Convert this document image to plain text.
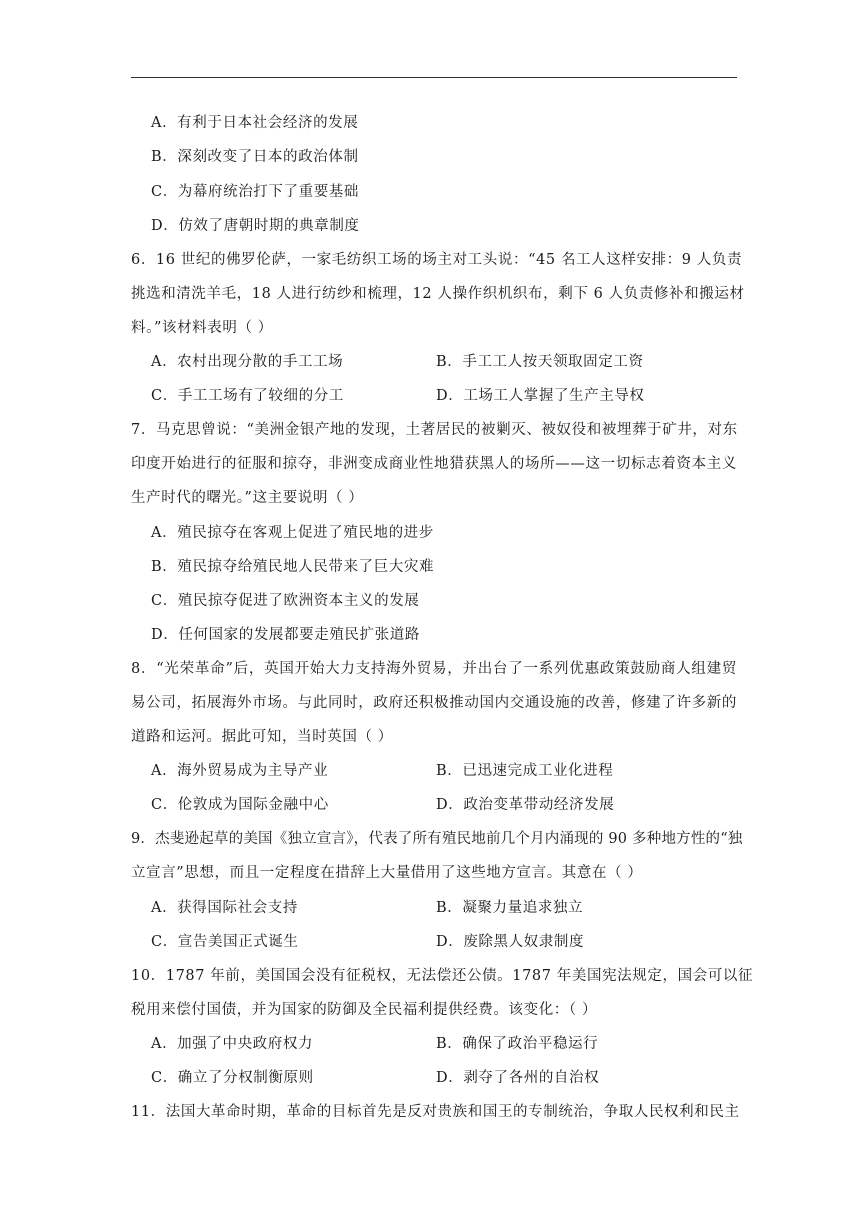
A．有利于日本社会经济的发展
B．深刻改变了日本的政治体制
C．为幕府统治打下了重要基础
D．仿效了唐朝时期的典章制度
6．16 世纪的佛罗伦萨，一家毛纺织工场的场主对工头说：“45 名工人这样安排：9 人负责
挑选和清洗羊毛，18 人进行纺纱和梳理，12 人操作织机织布，剩下 6 人负责修补和搬运材
料。”该材料表明（ ）
A．农村出现分散的手工工场	B．手工工人按天领取固定工资
C．手工工场有了较细的分工	D．工场工人掌握了生产主导权
7．马克思曾说：“美洲金银产地的发现，土著居民的被剿灭、被奴役和被埋葬于矿井，对东
印度开始进行的征服和掠夺，非洲变成商业性地猎获黑人的场所——这一切标志着资本主义
生产时代的曙光。”这主要说明（ ）
A．殖民掠夺在客观上促进了殖民地的进步
B．殖民掠夺给殖民地人民带来了巨大灾难
C．殖民掠夺促进了欧洲资本主义的发展
D．任何国家的发展都要走殖民扩张道路
8．“光荣革命”后，英国开始大力支持海外贸易，并出台了一系列优惠政策鼓励商人组建贸
易公司，拓展海外市场。与此同时，政府还积极推动国内交通设施的改善，修建了许多新的
道路和运河。据此可知，当时英国（ ）
A．海外贸易成为主导产业	B．已迅速完成工业化进程
C．伦敦成为国际金融中心	D．政治变革带动经济发展
9．杰斐逊起草的美国《独立宣言》，代表了所有殖民地前几个月内涌现的 90 多种地方性的“独
立宣言”思想，而且一定程度在措辞上大量借用了这些地方宣言。其意在（ ）
A．获得国际社会支持	B．凝聚力量追求独立
C．宣告美国正式诞生	D．废除黑人奴隶制度
10．1787 年前，美国国会没有征税权，无法偿还公债。1787 年美国宪法规定，国会可以征
税用来偿付国债，并为国家的防御及全民福利提供经费。该变化：（ ）
A．加强了中央政府权力	B．确保了政治平稳运行
C．确立了分权制衡原则	D．剥夺了各州的自治权
11．法国大革命时期，革命的目标首先是反对贵族和国王的专制统治，争取人民权利和民主
